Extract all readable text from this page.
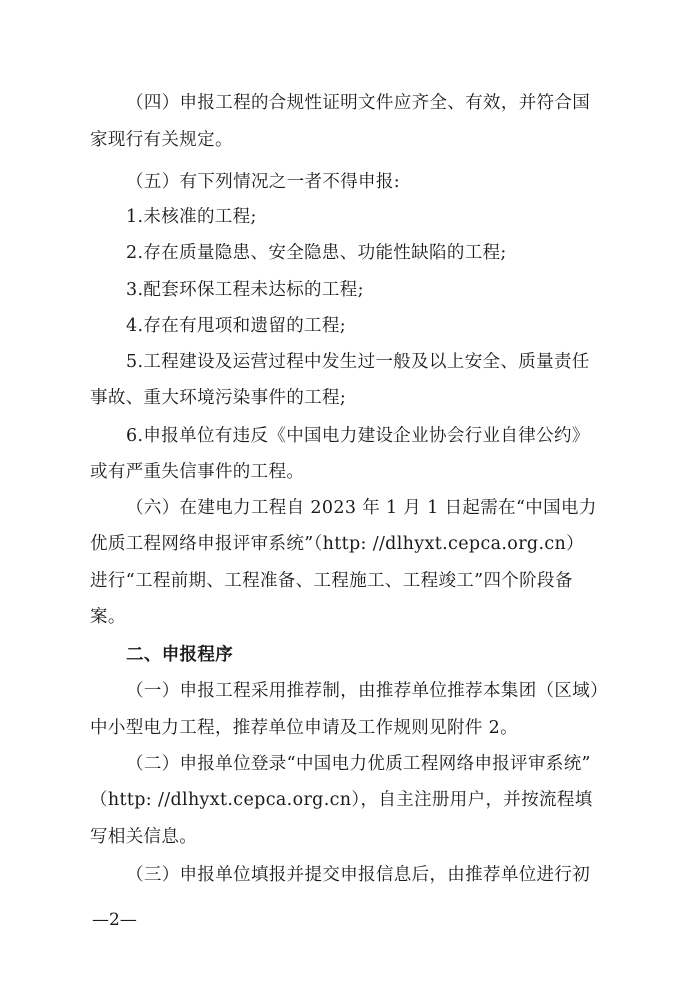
（四）申报工程的合规性证明文件应齐全、有效，并符合国
家现行有关规定。
（五）有下列情况之一者不得申报:
1.未核准的工程;
2.存在质量隐患、安全隐患、功能性缺陷的工程;
3.配套环保工程未达标的工程;
4.存在有甩项和遗留的工程;
5.工程建设及运营过程中发生过一般及以上安全、质量责任
事故、重大环境污染事件的工程;
6.申报单位有违反《中国电力建设企业协会行业自律公约》
或有严重失信事件的工程。
（六）在建电力工程自 2023 年 1 月 1 日起需在“中国电力
优质工程网络申报评审系统”（http: //dlhyxt.cepca.org.cn）
进行“工程前期、工程准备、工程施工、工程竣工”四个阶段备
案。
二、申报程序
（一）申报工程采用推荐制，由推荐单位推荐本集团（区域）
中小型电力工程，推荐单位申请及工作规则见附件 2。
（二）申报单位登录“中国电力优质工程网络申报评审系统”
（http: //dlhyxt.cepca.org.cn），自主注册用户，并按流程填
写相关信息。
（三）申报单位填报并提交申报信息后，由推荐单位进行初
—2—
